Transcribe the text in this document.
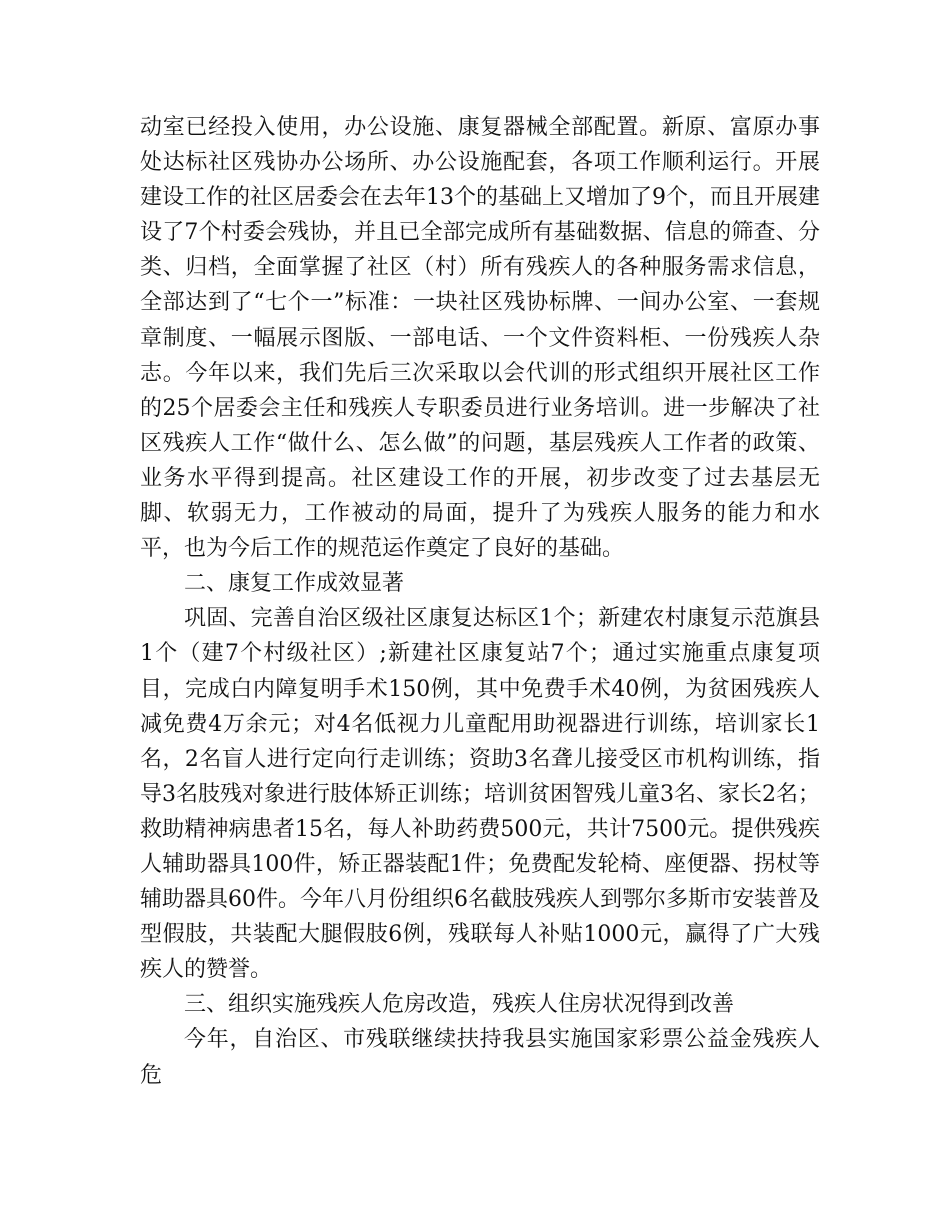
动室已经投入使用，办公设施、康复器械全部配置。新原、富原办事处达标社区残协办公场所、办公设施配套，各项工作顺利运行。开展建设工作的社区居委会在去年13个的基础上又增加了9个，而且开展建设了7个村委会残协，并且已全部完成所有基础数据、信息的筛查、分类、归档，全面掌握了社区（村）所有残疾人的各种服务需求信息，全部达到了“七个一”标准：一块社区残协标牌、一间办公室、一套规章制度、一幅展示图版、一部电话、一个文件资料柜、一份残疾人杂志。今年以来，我们先后三次采取以会代训的形式组织开展社区工作的25个居委会主任和残疾人专职委员进行业务培训。进一步解决了社区残疾人工作“做什么、怎么做”的问题，基层残疾人工作者的政策、业务水平得到提高。社区建设工作的开展，初步改变了过去基层无脚、软弱无力，工作被动的局面，提升了为残疾人服务的能力和水平，也为今后工作的规范运作奠定了良好的基础。

二、康复工作成效显著

巩固、完善自治区级社区康复达标区1个；新建农村康复示范旗县1个（建7个村级社区）;新建社区康复站7个；通过实施重点康复项目，完成白内障复明手术150例，其中免费手术40例，为贫困残疾人减免费4万余元；对4名低视力儿童配用助视器进行训练，培训家长1名，2名盲人进行定向行走训练；资助3名聋儿接受区市机构训练，指导3名肢残对象进行肢体矫正训练；培训贫困智残儿童3名、家长2名；救助精神病患者15名，每人补助药费500元，共计7500元。提供残疾人辅助器具100件，矫正器装配1件；免费配发轮椅、座便器、拐杖等辅助器具60件。今年八月份组织6名截肢残疾人到鄂尔多斯市安装普及型假肢，共装配大腿假肢6例，残联每人补贴1000元，赢得了广大残疾人的赞誉。

三、组织实施残疾人危房改造，残疾人住房状况得到改善

今年，自治区、市残联继续扶持我县实施国家彩票公益金残疾人危
